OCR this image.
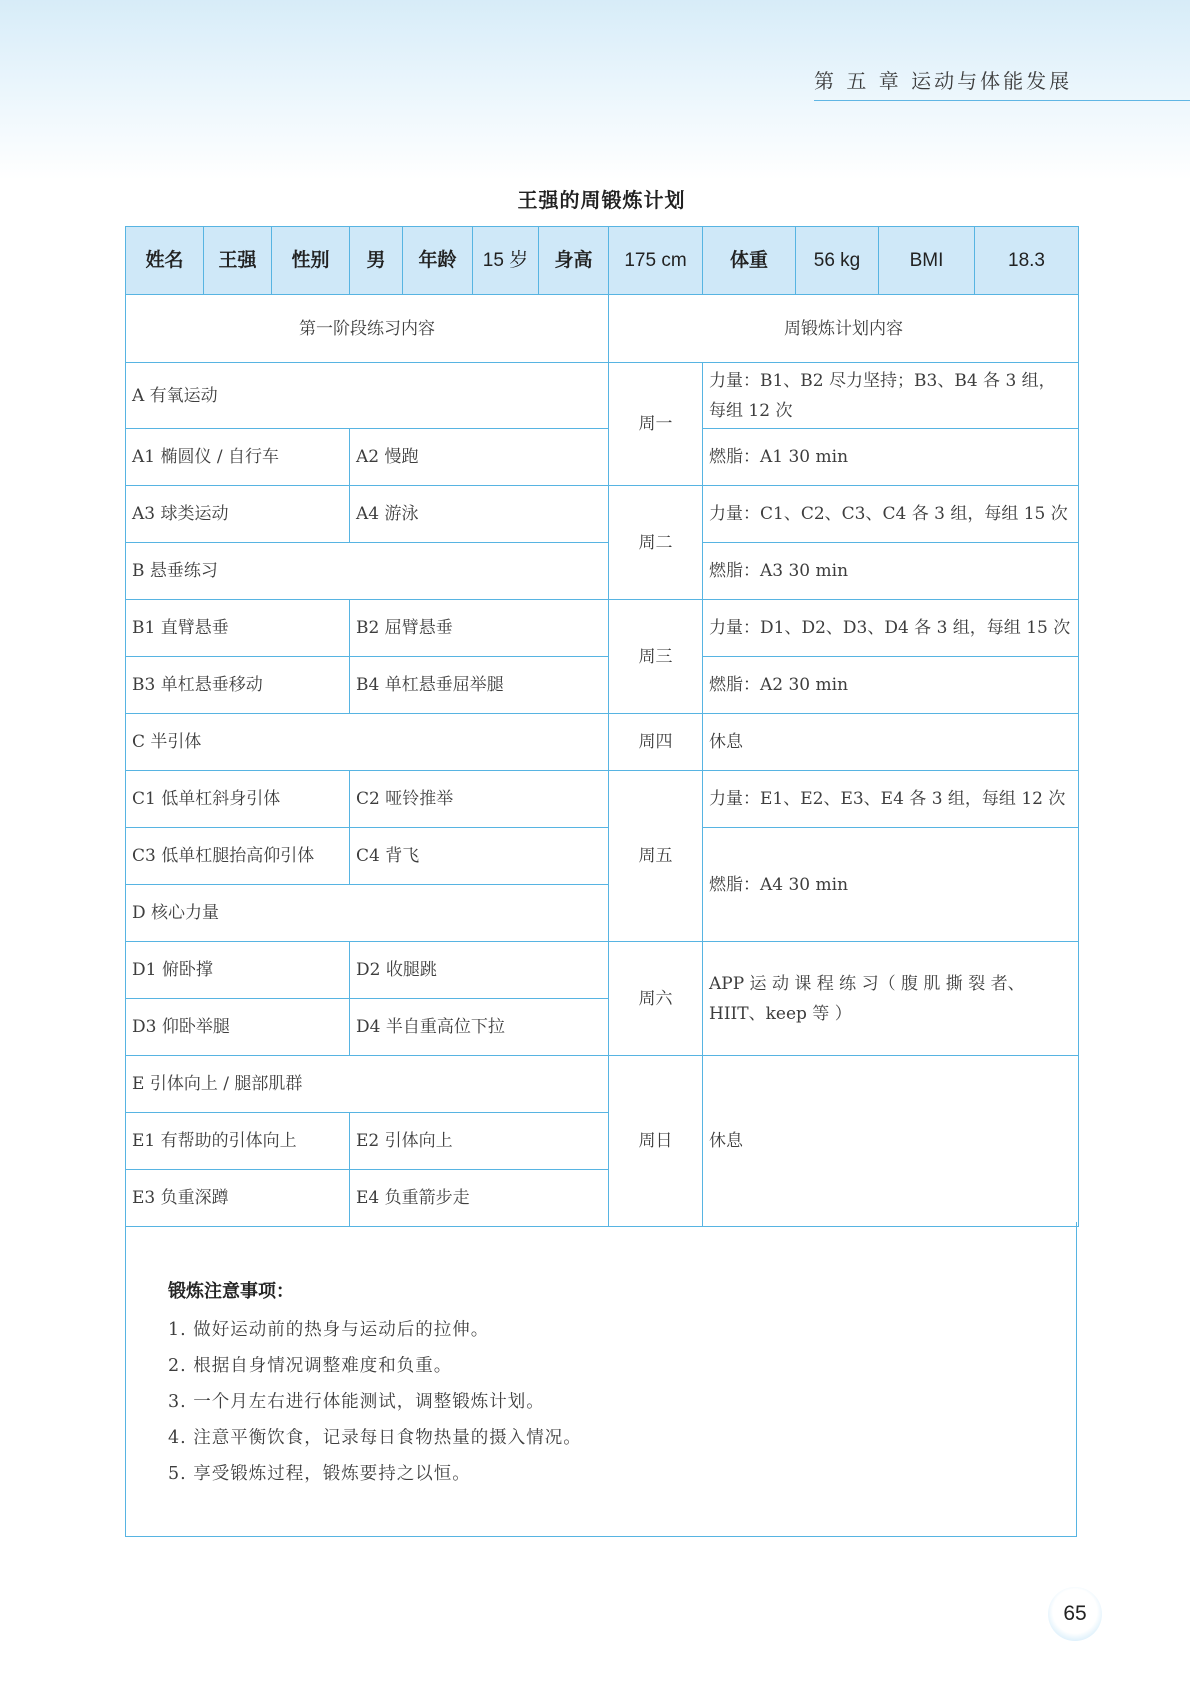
第 五 章 运动与体能发展
王强的周锻炼计划
姓名	王强	性别	男	年龄	15 岁	身高	175 cm	体重	56 kg	BMI	18.3
第一阶段练习内容							周锻炼计划内容				
A 有氧运动							周一	力量：B1、B2 尽力坚持；B3、B4 各 3 组，每组 12 次			
A1 椭圆仪 / 自行车			A2 慢跑					燃脂：A1 30 min			
A3 球类运动			A4 游泳				周二	力量：C1、C2、C3、C4 各 3 组，每组 15 次			
B 悬垂练习								燃脂：A3 30 min			
B1 直臂悬垂			B2 屈臂悬垂				周三	力量：D1、D2、D3、D4 各 3 组，每组 15 次			
B3 单杠悬垂移动			B4 单杠悬垂屈举腿					燃脂：A2 30 min			
C 半引体							周四	休息			
C1 低单杠斜身引体			C2 哑铃推举				周五	力量：E1、E2、E3、E4 各 3 组，每组 12 次			
C3 低单杠腿抬高仰引体			C4 背飞					燃脂：A4 30 min			
D 核心力量											
D1 俯卧撑			D2 收腿跳				周六	APP 运 动 课 程 练 习（ 腹 肌 撕 裂 者、HIIT、keep 等 ）			
D3 仰卧举腿			D4 半自重高位下拉								
E 引体向上 / 腿部肌群							周日	休息			
E1 有帮助的引体向上			E2 引体向上								
E3 负重深蹲			E4 负重箭步走								
锻炼注意事项：
1. 做好运动前的热身与运动后的拉伸。
2. 根据自身情况调整难度和负重。
3. 一个月左右进行体能测试，调整锻炼计划。
4. 注意平衡饮食，记录每日食物热量的摄入情况。
5. 享受锻炼过程，锻炼要持之以恒。
65
